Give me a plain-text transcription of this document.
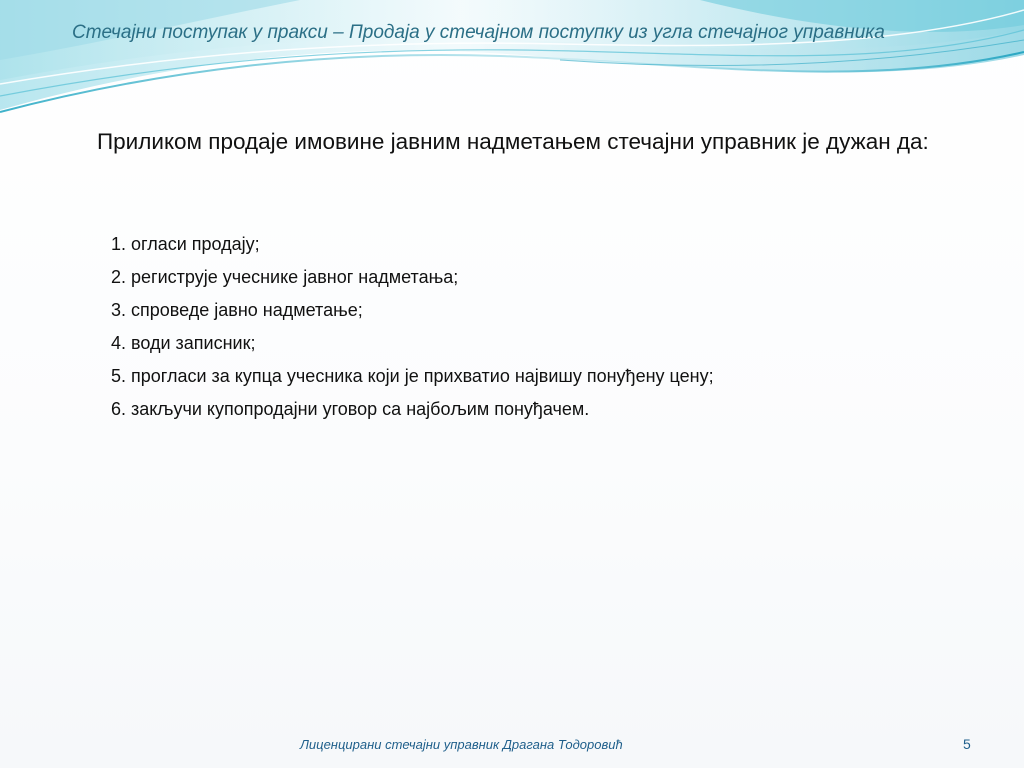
Стечајни поступак у пракси – Продаја у стечајном поступку из угла стечајног управника

Приликом продаје имовине јавним надметањем стечајни управник је дужан да:

1. огласи продају;
2. региструје учеснике јавног надметања;
3. спроведе јавно надметање;
4. води записник;
5. прогласи за купца учесника који је прихватио највишу понуђену цену;
6. закључи купопродајни уговор са најбољим понуђачем.

Лиценцирани стечајни управник Драгана Тодоровић	5
